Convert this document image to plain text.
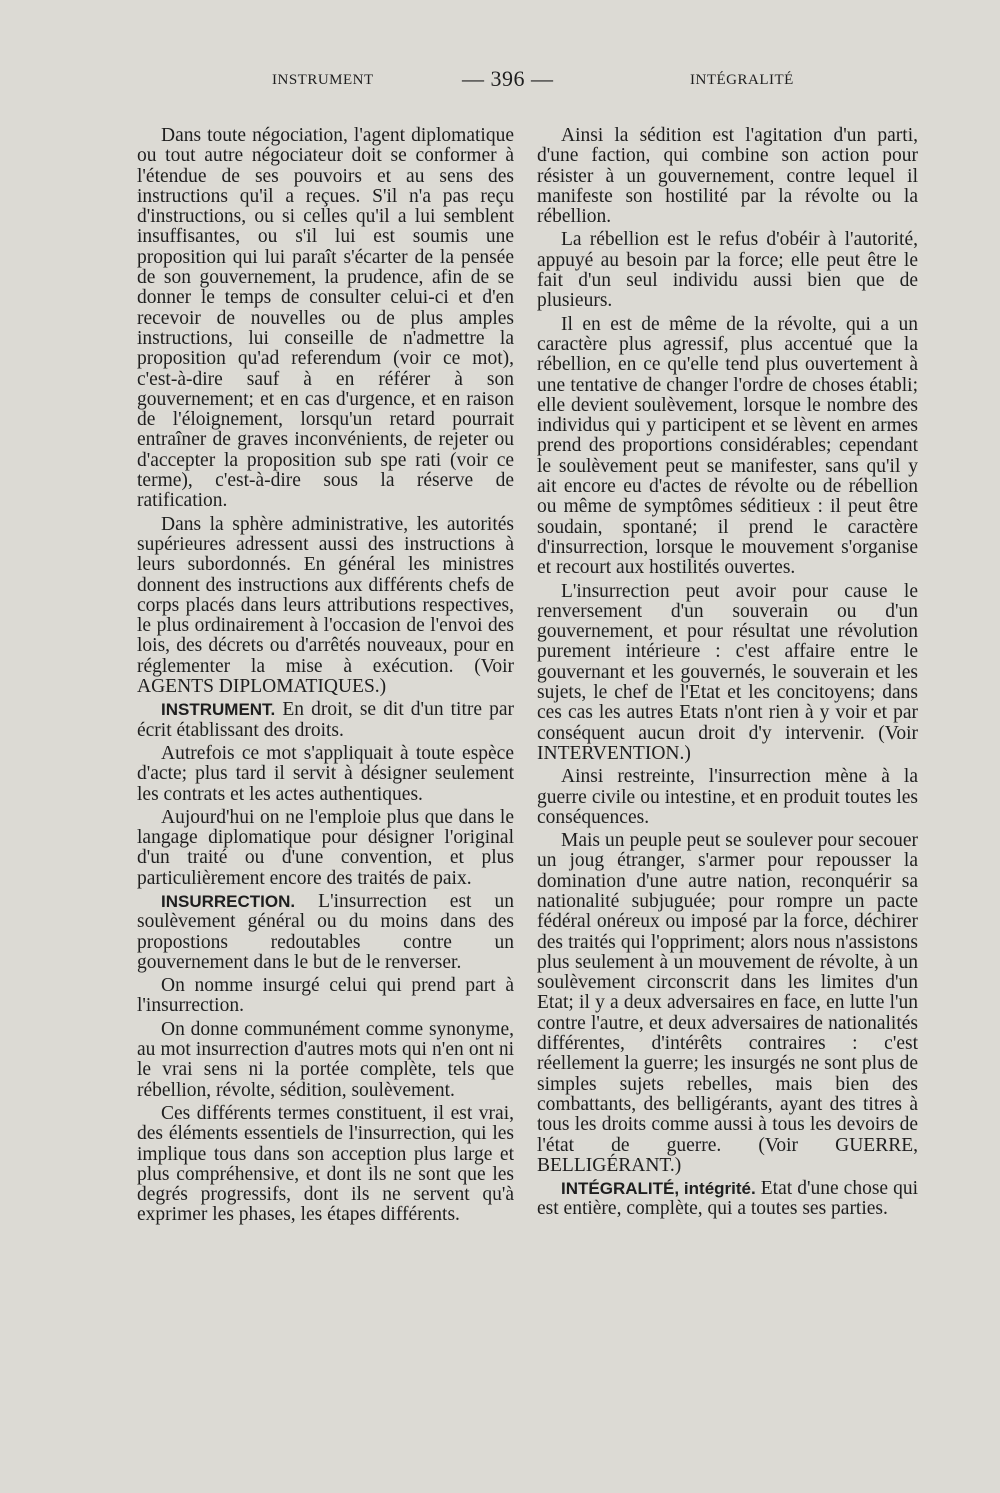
INSTRUMENT	— 396 —	INTÉGRALITÉ

Dans toute négociation, l'agent diplomatique ou tout autre négociateur doit se conformer à l'étendue de ses pouvoirs et au sens des instructions qu'il a reçues. S'il n'a pas reçu d'instructions, ou si celles qu'il a lui semblent insuffisantes, ou s'il lui est soumis une proposition qui lui paraît s'écarter de la pensée de son gouvernement, la prudence, afin de se donner le temps de consulter celui-ci et d'en recevoir de nouvelles ou de plus amples instructions, lui conseille de n'admettre la proposition qu'ad referendum (voir ce mot), c'est-à-dire sauf à en référer à son gouvernement; et en cas d'urgence, et en raison de l'éloignement, lorsqu'un retard pourrait entraîner de graves inconvénients, de rejeter ou d'accepter la proposition sub spe rati (voir ce terme), c'est-à-dire sous la réserve de ratification.

Dans la sphère administrative, les autorités supérieures adressent aussi des instructions à leurs subordonnés. En général les ministres donnent des instructions aux différents chefs de corps placés dans leurs attributions respectives, le plus ordinairement à l'occasion de l'envoi des lois, des décrets ou d'arrêtés nouveaux, pour en réglementer la mise à exécution. (Voir AGENTS DIPLOMATIQUES.)

INSTRUMENT. En droit, se dit d'un titre par écrit établissant des droits.

Autrefois ce mot s'appliquait à toute espèce d'acte; plus tard il servit à désigner seulement les contrats et les actes authentiques.

Aujourd'hui on ne l'emploie plus que dans le langage diplomatique pour désigner l'original d'un traité ou d'une convention, et plus particulièrement encore des traités de paix.

INSURRECTION. L'insurrection est un soulèvement général ou du moins dans des propostions redoutables contre un gouvernement dans le but de le renverser.

On nomme insurgé celui qui prend part à l'insurrection.

On donne communément comme synonyme, au mot insurrection d'autres mots qui n'en ont ni le vrai sens ni la portée complète, tels que rébellion, révolte, sédition, soulèvement.

Ces différents termes constituent, il est vrai, des éléments essentiels de l'insurrection, qui les implique tous dans son acception plus large et plus compréhensive, et dont ils ne sont que les degrés progressifs, dont ils ne servent qu'à exprimer les phases, les étapes différents.

Ainsi la sédition est l'agitation d'un parti, d'une faction, qui combine son action pour résister à un gouvernement, contre lequel il manifeste son hostilité par la révolte ou la rébellion.

La rébellion est le refus d'obéir à l'autorité, appuyé au besoin par la force; elle peut être le fait d'un seul individu aussi bien que de plusieurs.

Il en est de même de la révolte, qui a un caractère plus agressif, plus accentué que la rébellion, en ce qu'elle tend plus ouvertement à une tentative de changer l'ordre de choses établi; elle devient soulèvement, lorsque le nombre des individus qui y participent et se lèvent en armes prend des proportions considérables; cependant le soulèvement peut se manifester, sans qu'il y ait encore eu d'actes de révolte ou de rébellion ou même de symptômes séditieux : il peut être soudain, spontané; il prend le caractère d'insurrection, lorsque le mouvement s'organise et recourt aux hostilités ouvertes.

L'insurrection peut avoir pour cause le renversement d'un souverain ou d'un gouvernement, et pour résultat une révolution purement intérieure : c'est affaire entre le gouvernant et les gouvernés, le souverain et les sujets, le chef de l'Etat et les concitoyens; dans ces cas les autres Etats n'ont rien à y voir et par conséquent aucun droit d'y intervenir. (Voir INTERVENTION.)

Ainsi restreinte, l'insurrection mène à la guerre civile ou intestine, et en produit toutes les conséquences.

Mais un peuple peut se soulever pour secouer un joug étranger, s'armer pour repousser la domination d'une autre nation, reconquérir sa nationalité subjuguée; pour rompre un pacte fédéral onéreux ou imposé par la force, déchirer des traités qui l'oppriment; alors nous n'assistons plus seulement à un mouvement de révolte, à un soulèvement circonscrit dans les limites d'un Etat; il y a deux adversaires en face, en lutte l'un contre l'autre, et deux adversaires de nationalités différentes, d'intérêts contraires : c'est réellement la guerre; les insurgés ne sont plus de simples sujets rebelles, mais bien des combattants, des belligérants, ayant des titres à tous les droits comme aussi à tous les devoirs de l'état de guerre. (Voir GUERRE, BELLIGÉRANT.)

INTÉGRALITÉ, intégrité. Etat d'une chose qui est entière, complète, qui a toutes ses parties.
